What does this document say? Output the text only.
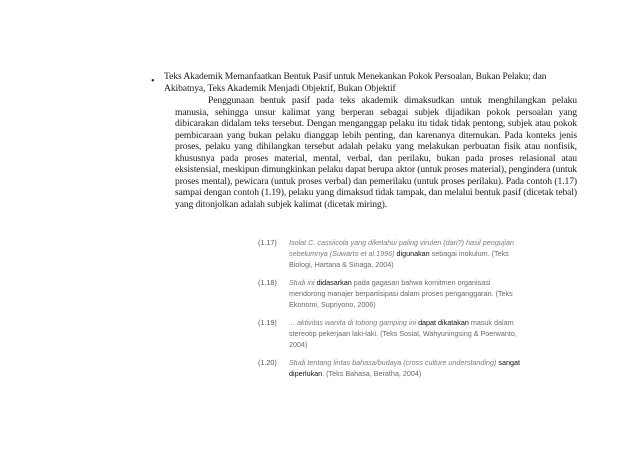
• Teks Akademik Memanfaatkan Bentuk Pasif untuk Menekankan Pokok Persoalan, Bukan Pelaku; dan Akibatnya, Teks Akademik Menjadi Objektif, Bukan Objektif
Penggunaan bentuk pasif pada teks akademik dimaksudkan untuk menghilangkan pelaku manusia, sehingga unsur kalimat yang berperan sebagai subjek dijadikan pokok persoalan yang dibicarakan didalam teks tersebut. Dengan menganggap pelaku itu tidak tidak pentong, subjek atau pokok pembicaraan yang bukan pelaku dianggap lebih penting, dan karenanya ditemukan. Pada konteks jenis proses, pelaku yang dihilangkan tersebut adalah pelaku yang melakukan perbuatan fisik atau nonfisik, khususnya pada proses material, mental, verbal, dan perilaku, bukan pada proses relasional atau eksistensial, meskipun dimungkinkan pelaku dapat berupa aktor (untuk proses material), pengindera (untuk proses mental), pewicara (untuk proses verbal) dan pemerilaku (untuk proses perilaku). Pada contoh (1.17) sampai dengan contoh (1.19), pelaku yang dimaksud tidak tampak, dan melalui bentuk pasif (dicetak tebal) yang ditonjolkan adalah subjek kalimat (dicetak miring).
(1.17)	Isolat C. cassiicola yang diketahui paling virulen (dari?) hasil pengujian sebelumnya (Suwarto et al.1996) digunakan sebagai inokulum. (Teks Biologi, Hartana & Sinaga, 2004)
(1.18)	Studi ini didasarkan pada gagasan bahwa komitmen organisasi mendorong manajer berpartisipasi dalam proses penganggaran. (Teks Ekonomi, Supriyono, 2006)
(1.19)	... aktivitas wanita di tobong gamping ini dapat dikatakan masuk dalam stereotip pekerjaan laki-laki. (Teks Sosial, Wahyuningsing & Poerwanto, 2004)
(1.20)	Studi tentang lintas bahasa/budaya (cross culture understanding) sangat diperlukan. (Teks Bahasa, Beratha, 2004)
